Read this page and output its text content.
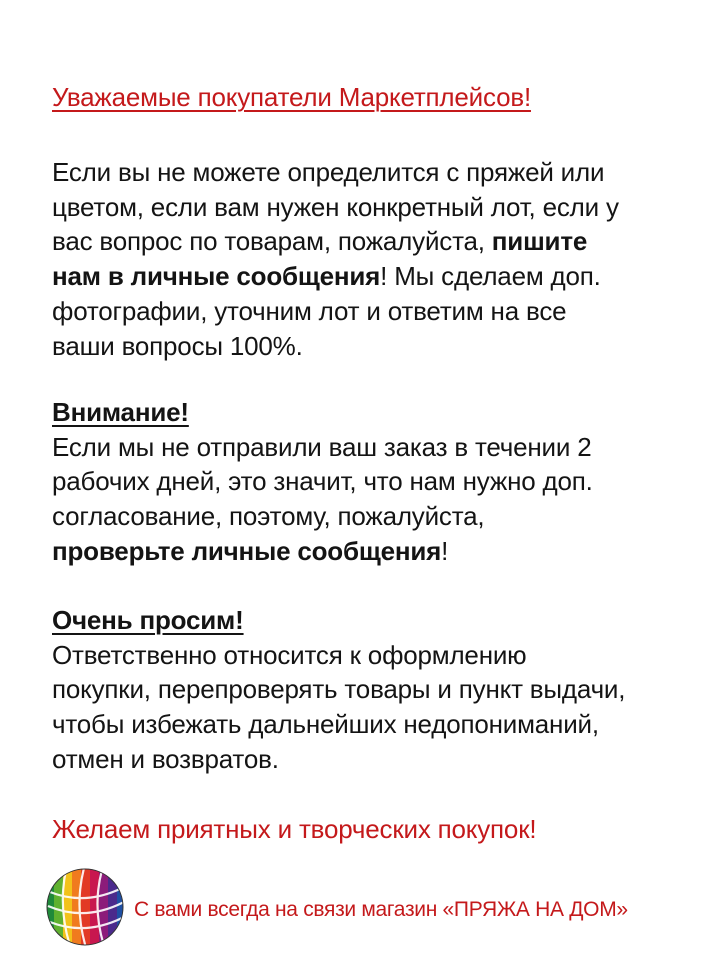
Уважаемые покупатели Маркетплейсов!
Если вы не можете определится с пряжей или
цветом, если вам нужен конкретный лот, если у
вас вопрос по товарам, пожалуйста, пишите
нам в личные сообщения! Мы сделаем доп.
фотографии, уточним лот и ответим на все
ваши вопросы 100%.
Внимание!
Если мы не отправили ваш заказ в течении 2
рабочих дней, это значит, что нам нужно доп.
согласование, поэтому, пожалуйста,
проверьте личные сообщения!
Очень просим!
Ответственно относится к оформлению
покупки, перепроверять товары и пункт выдачи,
чтобы избежать дальнейших недопониманий,
отмен и возвратов.
Желаем приятных и творческих покупок!
С вами всегда на связи магазин «ПРЯЖА НА ДОМ»
